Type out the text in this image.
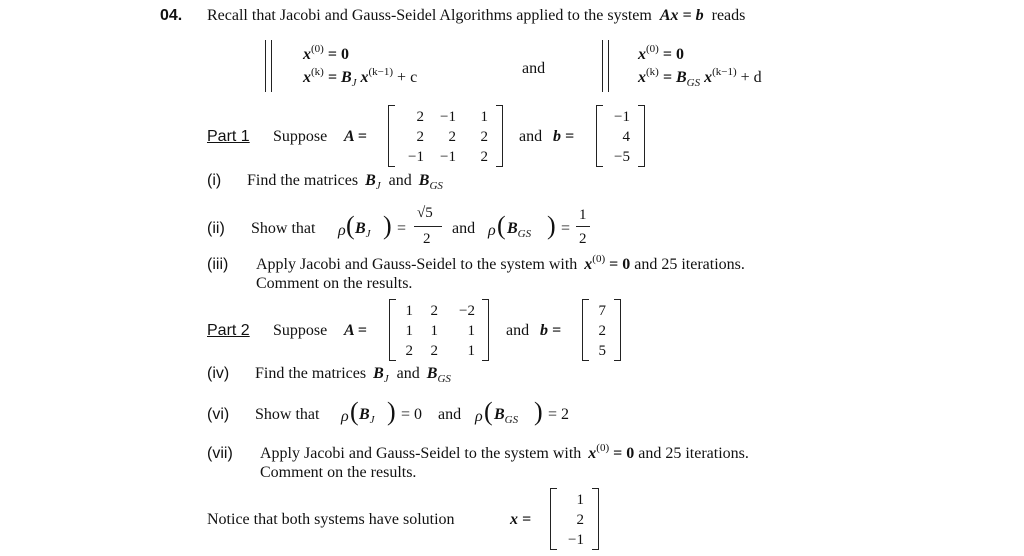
04. Recall that Jacobi and Gauss-Seidel Algorithms applied to the system Ax = b reads
$x^{(0)} = 0$
$x^{(k)} = B_J$ $x^{(k-1)} + c$
and
$x^{(0)} = 0$
$x^{(k)} = B_{GS}$ $x^{(k-1)} + d$
Part 1 Suppose A =
2	−1	1
2	2	2
−1	−1	2
and b =
−1
4
−5
(i) Find the matrices $B_J$ and $B_{GS}$
(ii) Show that ρ ( $B_J$ ) =
√5
2
and ρ ( $B_{GS}$ ) =
1
2
(iii) Apply Jacobi and Gauss-Seidel to the system with $x^{(0)} = 0$ and 25 iterations.
Comment on the results.
Part 2 Suppose A =
1	2	−2
1	1	1
2	2	1
and b =
7
2
5
(iv) Find the matrices $B_J$ and $B_{GS}$
(vi) Show that ρ ( $B_J$ ) = 0 and ρ ( $B_{GS}$ ) = 2
(vii) Apply Jacobi and Gauss-Seidel to the system with $x^{(0)} = 0$ and 25 iterations.
Comment on the results.
Notice that both systems have solution	x =
1
2
−1
